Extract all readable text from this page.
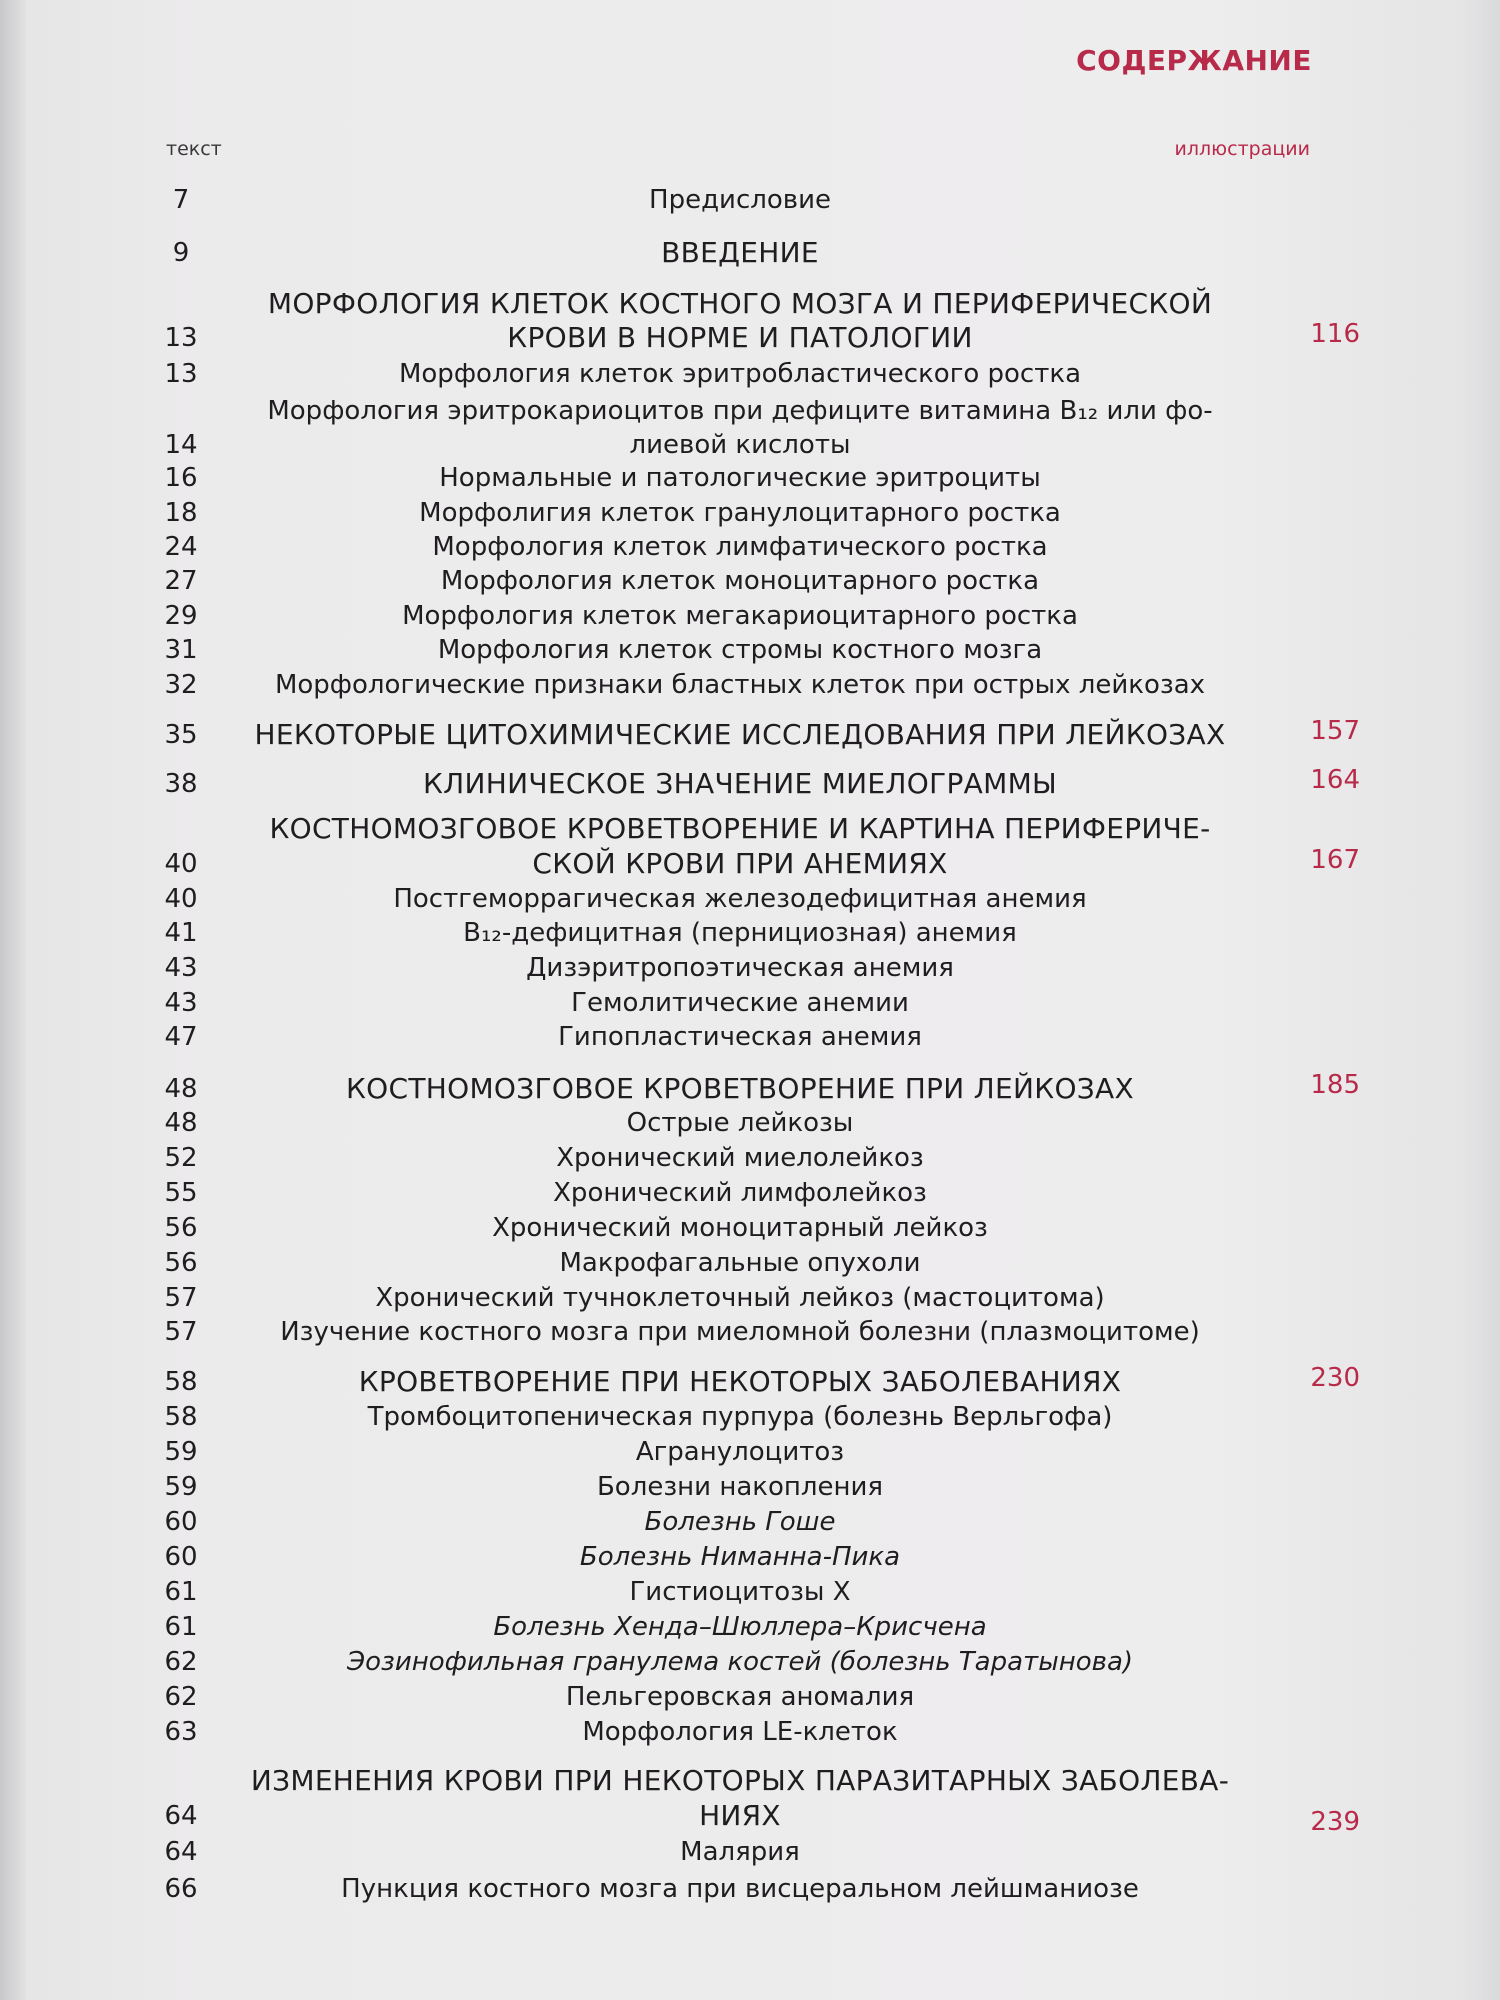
СОДЕРЖАНИЕ
текст	иллюстрации
7	Предисловие
9	ВВЕДЕНИЕ
МОРФОЛОГИЯ КЛЕТОК КОСТНОГО МОЗГА И ПЕРИФЕРИЧЕСКОЙ
13	КРОВИ В НОРМЕ И ПАТОЛОГИИ	116
13	Морфология клеток эритробластического ростка
Морфология эритрокариоцитов при дефиците витамина В₁₂ или фо-
14	лиевой кислоты
16	Нормальные и патологические эритроциты
18	Морфолигия клеток гранулоцитарного ростка
24	Морфология клеток лимфатического ростка
27	Морфология клеток моноцитарного ростка
29	Морфология клеток мегакариоцитарного ростка
31	Морфология клеток стромы костного мозга
32	Морфологические признаки бластных клеток при острых лейкозах
35	НЕКОТОРЫЕ ЦИТОХИМИЧЕСКИЕ ИССЛЕДОВАНИЯ ПРИ ЛЕЙКОЗАХ	157
38	КЛИНИЧЕСКОЕ ЗНАЧЕНИЕ МИЕЛОГРАММЫ	164
КОСТНОМОЗГОВОЕ КРОВЕТВОРЕНИЕ И КАРТИНА ПЕРИФЕРИЧЕ-
40	СКОЙ КРОВИ ПРИ АНЕМИЯХ	167
40	Постгеморрагическая железодефицитная анемия
41	В₁₂-дефицитная (пернициозная) анемия
43	Дизэритропоэтическая анемия
43	Гемолитические анемии
47	Гипопластическая анемия
48	КОСТНОМОЗГОВОЕ КРОВЕТВОРЕНИЕ ПРИ ЛЕЙКОЗАХ	185
48	Острые лейкозы
52	Хронический миелолейкоз
55	Хронический лимфолейкоз
56	Хронический моноцитарный лейкоз
56	Макрофагальные опухоли
57	Хронический тучноклеточный лейкоз (мастоцитома)
57	Изучение костного мозга при миеломной болезни (плазмоцитоме)
58	КРОВЕТВОРЕНИЕ ПРИ НЕКОТОРЫХ ЗАБОЛЕВАНИЯХ	230
58	Тромбоцитопеническая пурпура (болезнь Верльгофа)
59	Агранулоцитоз
59	Болезни накопления
60	Болезнь Гоше
60	Болезнь Ниманна-Пика
61	Гистиоцитозы Х
61	Болезнь Хенда–Шюллера–Крисчена
62	Эозинофильная гранулема костей (болезнь Таратынова)
62	Пельгеровская аномалия
63	Морфология LE-клеток
ИЗМЕНЕНИЯ КРОВИ ПРИ НЕКОТОРЫХ ПАРАЗИТАРНЫХ ЗАБОЛЕВА-
64	НИЯХ	239
64	Малярия
66	Пункция костного мозга при висцеральном лейшманиозе
